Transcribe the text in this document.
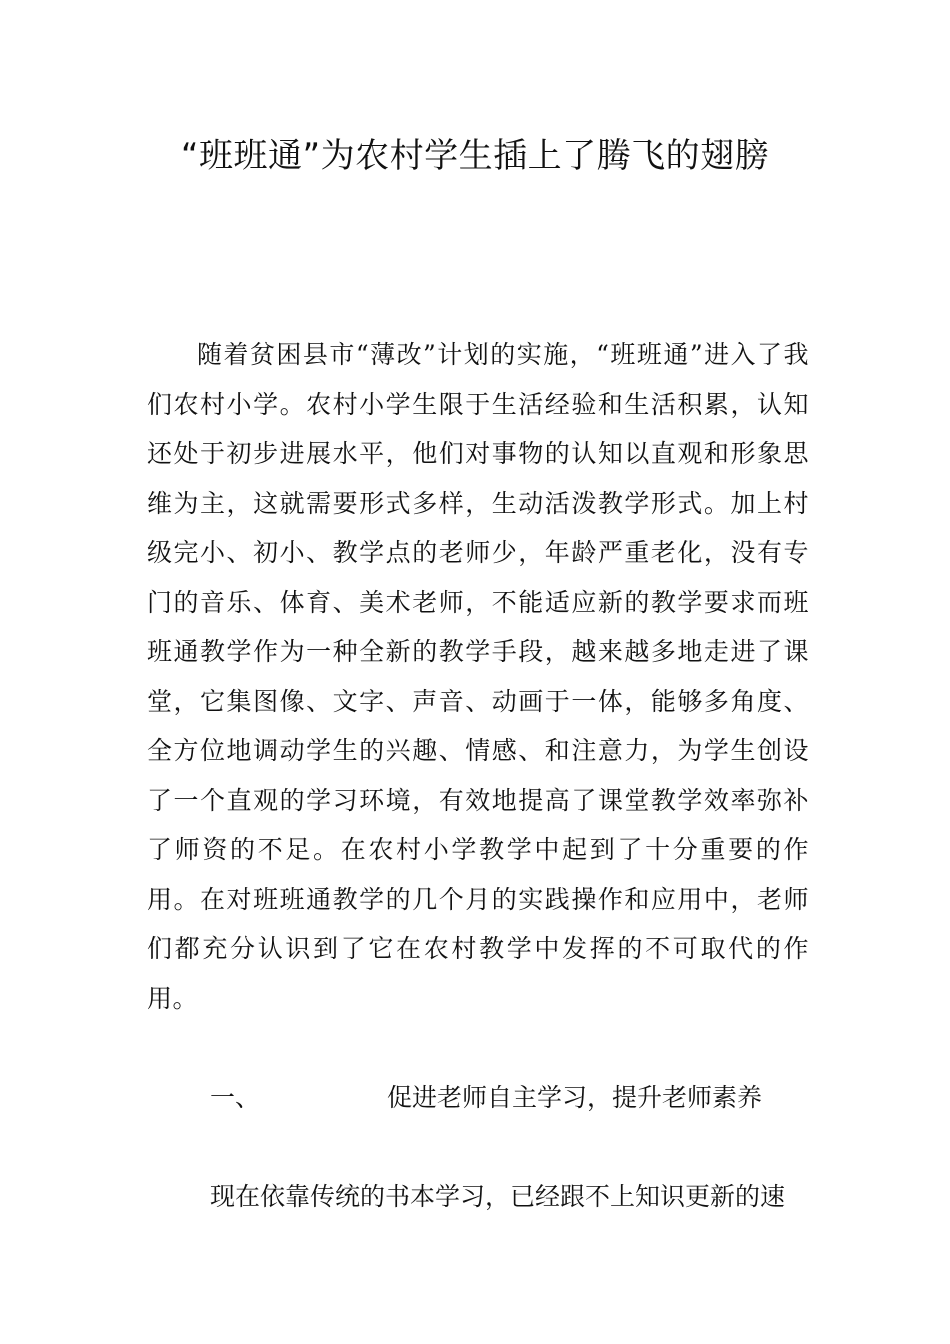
“班班通”为农村学生插上了腾飞的翅膀

随着贫困县市“薄改”计划的实施，“班班通”进入了我们农村小学。农村小学生限于生活经验和生活积累，认知还处于初步进展水平，他们对事物的认知以直观和形象思维为主，这就需要形式多样，生动活泼教学形式。加上村级完小、初小、教学点的老师少，年龄严重老化，没有专门的音乐、体育、美术老师，不能适应新的教学要求而班班通教学作为一种全新的教学手段，越来越多地走进了课堂，它集图像、文字、声音、动画于一体，能够多角度、全方位地调动学生的兴趣、情感、和注意力，为学生创设了一个直观的学习环境，有效地提高了课堂教学效率弥补了师资的不足。在农村小学教学中起到了十分重要的作用。在对班班通教学的几个月的实践操作和应用中，老师们都充分认识到了它在农村教学中发挥的不可取代的作用。

一、	促进老师自主学习，提升老师素养

现在依靠传统的书本学习，已经跟不上知识更新的速
